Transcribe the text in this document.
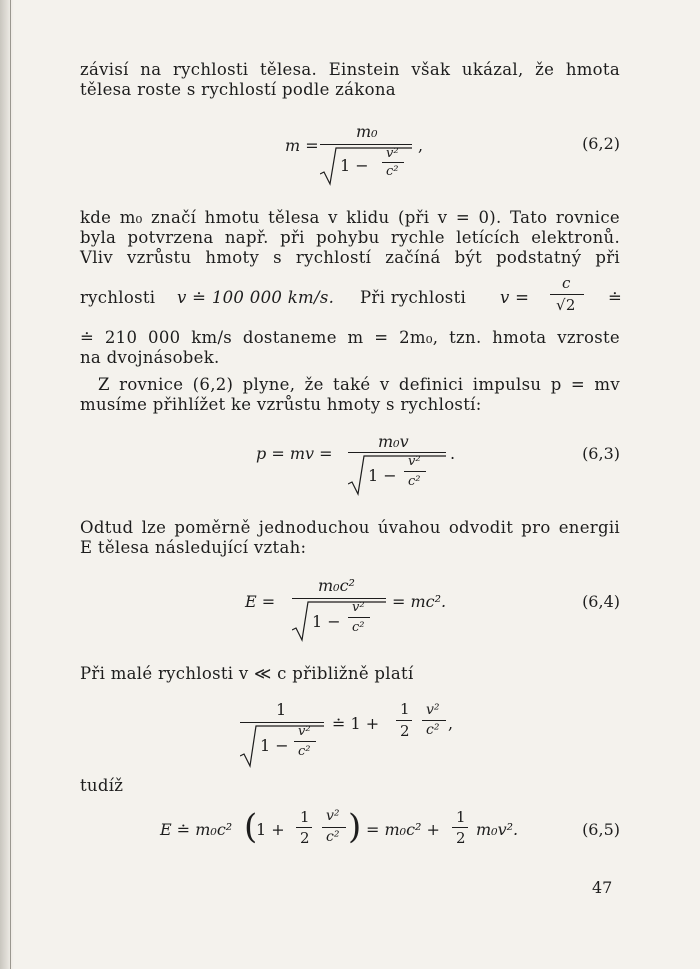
závisí na rychlosti tělesa. Einstein však ukázal, že hmota
tělesa roste s rychlostí podle zákona
m =
m₀
1 −
v²
c²
,	(6,2)
kde m₀ značí hmotu tělesa v klidu (při v = 0). Tato rovnice
byla potvrzena např. při pohybu rychle letících elektronů.
Vliv vzrůstu hmoty s rychlostí začíná být podstatný při
rychlosti v ≐ 100 000 km/s. Při rychlosti v =
c
√2 ≐
≐ 210 000 km/s dostaneme m = 2m₀, tzn. hmota vzroste
na dvojnásobek.
Z rovnice (6,2) plyne, že také v definici impulsu p = mv
musíme přihlížet ke vzrůstu hmoty s rychlostí:
p = mv =
m₀v
1 −
v²
c²
.	(6,3)
Odtud lze poměrně jednoduchou úvahou odvodit pro energii
E tělesa následující vztah:
E =
m₀c²
1 −
v²
c²
= mc².	(6,4)
Při malé rychlosti v ≪ c přibližně platí
1
1 −
v²
c²
≐ 1 +
1
2
v²
c² ,
tudíž
E ≐ m₀c² (
1 +
1
2
v²
c² ) = m₀c² +
1
2 m₀v².	(6,5)
47
